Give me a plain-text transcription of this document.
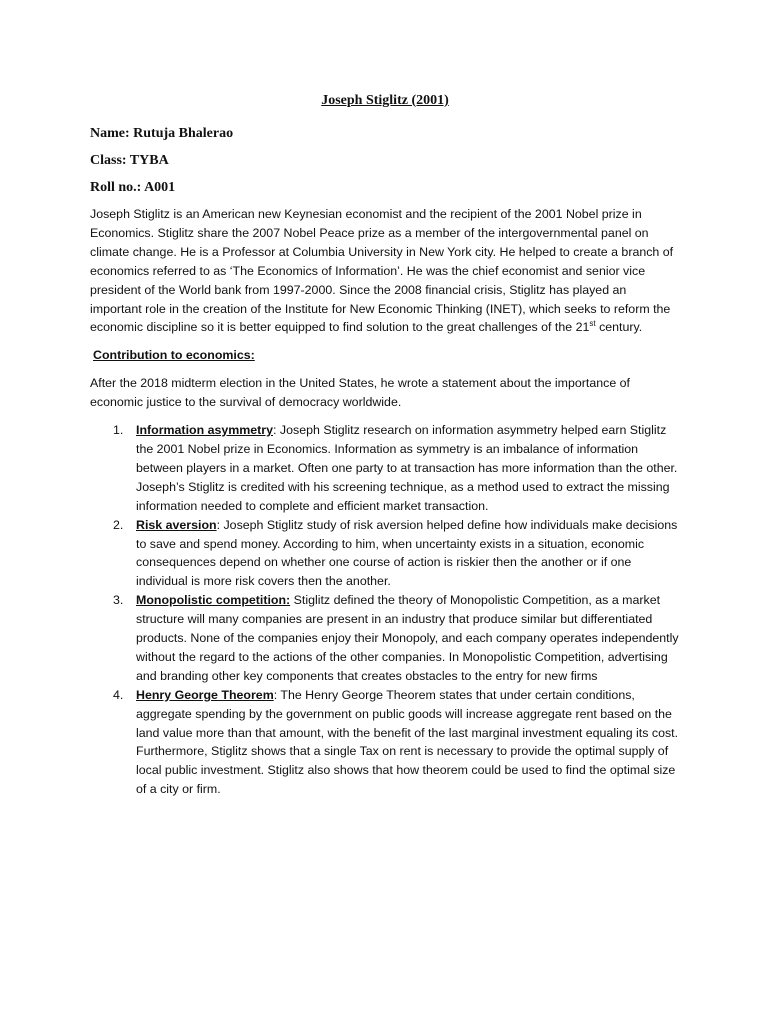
Joseph Stiglitz (2001)
Name: Rutuja Bhalerao
Class: TYBA
Roll no.: A001

Joseph Stiglitz is an American new Keynesian economist and the recipient of the 2001 Nobel prize in Economics. Stiglitz share the 2007 Nobel Peace prize as a member of the intergovernmental panel on climate change. He is a Professor at Columbia University in New York city. He helped to create a branch of economics referred to as ‘The Economics of Information’. He was the chief economist and senior vice president of the World bank from 1997-2000. Since the 2008 financial crisis, Stiglitz has played an important role in the creation of the Institute for New Economic Thinking (INET), which seeks to reform the economic discipline so it is better equipped to find solution to the great challenges of the 21st century.

Contribution to economics:

After the 2018 midterm election in the United States, he wrote a statement about the importance of economic justice to the survival of democracy worldwide.

1. Information asymmetry: Joseph Stiglitz research on information asymmetry helped earn Stiglitz the 2001 Nobel prize in Economics. Information as symmetry is an imbalance of information between players in a market. Often one party to at transaction has more information than the other. Joseph’s Stiglitz is credited with his screening technique, as a method used to extract the missing information needed to complete and efficient market transaction.
2. Risk aversion: Joseph Stiglitz study of risk aversion helped define how individuals make decisions to save and spend money. According to him, when uncertainty exists in a situation, economic consequences depend on whether one course of action is riskier then the another or if one individual is more risk covers then the another.
3. Monopolistic competition: Stiglitz defined the theory of Monopolistic Competition, as a market structure will many companies are present in an industry that produce similar but differentiated products. None of the companies enjoy their Monopoly, and each company operates independently without the regard to the actions of the other companies. In Monopolistic Competition, advertising and branding other key components that creates obstacles to the entry for new firms
4. Henry George Theorem: The Henry George Theorem states that under certain conditions, aggregate spending by the government on public goods will increase aggregate rent based on the land value more than that amount, with the benefit of the last marginal investment equaling its cost. Furthermore, Stiglitz shows that a single Tax on rent is necessary to provide the optimal supply of local public investment. Stiglitz also shows that how theorem could be used to find the optimal size of a city or firm.
